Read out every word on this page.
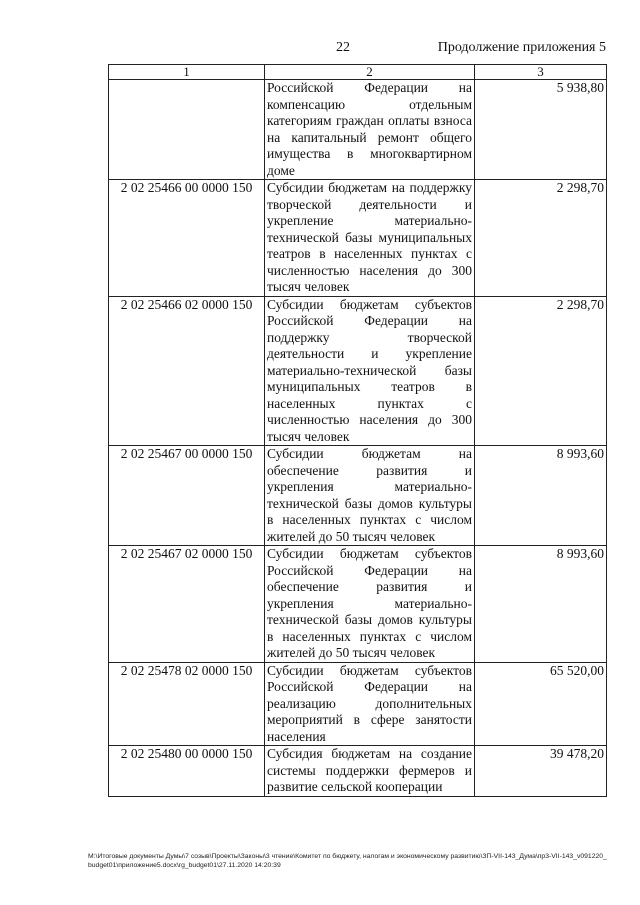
22	Продолжение приложения 5
1	2	3
	Российской Федерации на компенсацию отдельным категориям граждан оплаты взноса на капитальный ремонт общего имущества в многоквартирном доме	5 938,80
2 02 25466 00 0000 150	Субсидии бюджетам на поддержку творческой деятельности и укрепление материально-технической базы муниципальных театров в населенных пунктах с численностью населения до 300 тысяч человек	2 298,70
2 02 25466 02 0000 150	Субсидии бюджетам субъектов Российской Федерации на поддержку творческой деятельности и укрепление материально-технической базы муниципальных театров в населенных пунктах с численностью населения до 300 тысяч человек	2 298,70
2 02 25467 00 0000 150	Субсидии бюджетам на обеспечение развития и укрепления материально-технической базы домов культуры в населенных пунктах с числом жителей до 50 тысяч человек	8 993,60
2 02 25467 02 0000 150	Субсидии бюджетам субъектов Российской Федерации на обеспечение развития и укрепления материально-технической базы домов культуры в населенных пунктах с числом жителей до 50 тысяч человек	8 993,60
2 02 25478 02 0000 150	Субсидии бюджетам субъектов Российской Федерации на реализацию дополнительных мероприятий в сфере занятости населения	65 520,00
2 02 25480 00 0000 150	Субсидия бюджетам на создание системы поддержки фермеров и развитие сельской кооперации	39 478,20
M:\Итоговые документы Думы\7 созыв\Проекты\Законы\3 чтение\Комитет по бюджету, налогам и экономическому развитию\ЗП-VII-143_Дума\пр3-VII-143_v091220_budget01\приложение5.docx\rg_budget01\27.11.2020 14:20:39
